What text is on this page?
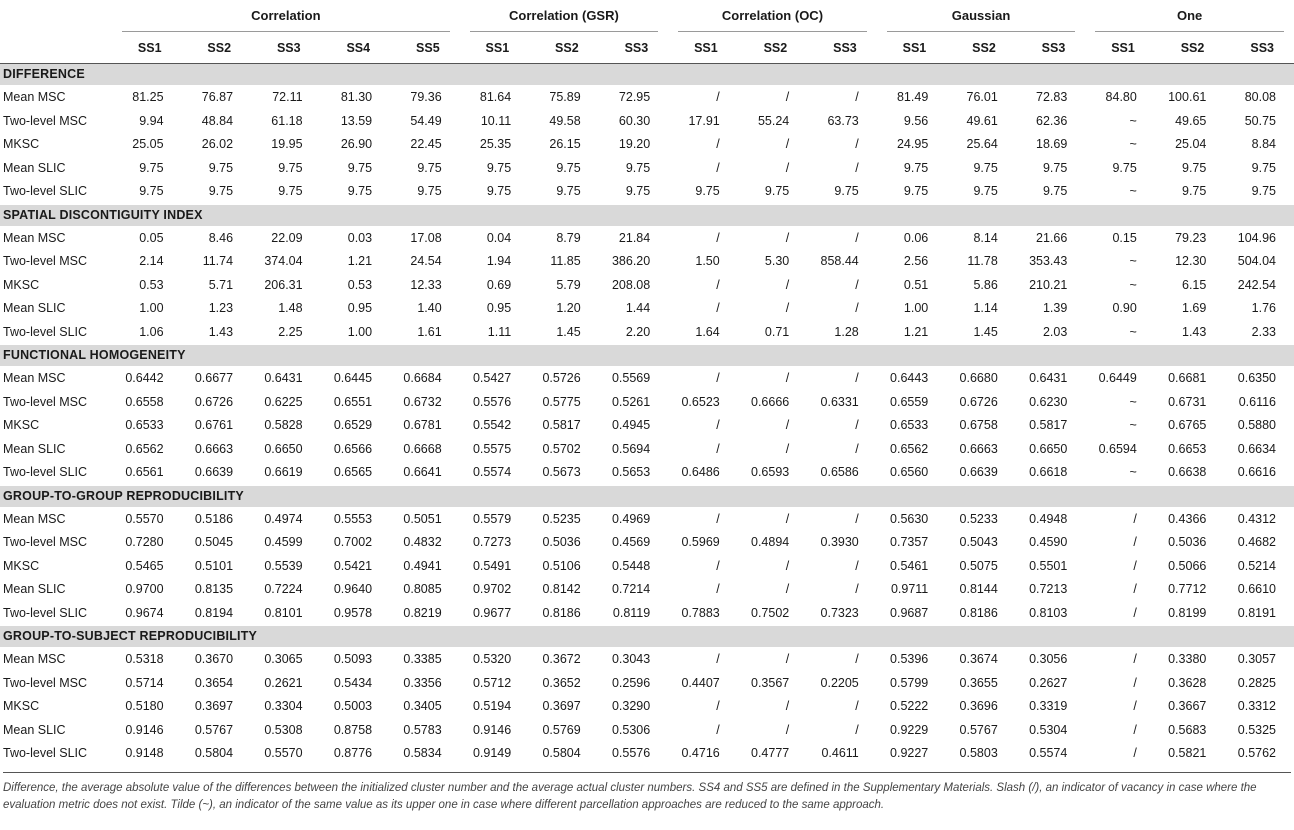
	Correlation					Correlation (GSR)			Correlation (OC)			Gaussian			One		

	SS1	SS2	SS3	SS4	SS5	SS1	SS2	SS3	SS1	SS2	SS3	SS1	SS2	SS3	SS1	SS2	SS3
DIFFERENCE																	
Mean MSC	81.25	76.87	72.11	81.30	79.36	81.64	75.89	72.95	/	/	/	81.49	76.01	72.83	84.80	100.61	80.08
Two-level MSC	9.94	48.84	61.18	13.59	54.49	10.11	49.58	60.30	17.91	55.24	63.73	9.56	49.61	62.36	~	49.65	50.75
MKSC	25.05	26.02	19.95	26.90	22.45	25.35	26.15	19.20	/	/	/	24.95	25.64	18.69	~	25.04	8.84
Mean SLIC	9.75	9.75	9.75	9.75	9.75	9.75	9.75	9.75	/	/	/	9.75	9.75	9.75	9.75	9.75	9.75
Two-level SLIC	9.75	9.75	9.75	9.75	9.75	9.75	9.75	9.75	9.75	9.75	9.75	9.75	9.75	9.75	~	9.75	9.75
SPATIAL DISCONTIGUITY INDEX																	
Mean MSC	0.05	8.46	22.09	0.03	17.08	0.04	8.79	21.84	/	/	/	0.06	8.14	21.66	0.15	79.23	104.96
Two-level MSC	2.14	11.74	374.04	1.21	24.54	1.94	11.85	386.20	1.50	5.30	858.44	2.56	11.78	353.43	~	12.30	504.04
MKSC	0.53	5.71	206.31	0.53	12.33	0.69	5.79	208.08	/	/	/	0.51	5.86	210.21	~	6.15	242.54
Mean SLIC	1.00	1.23	1.48	0.95	1.40	0.95	1.20	1.44	/	/	/	1.00	1.14	1.39	0.90	1.69	1.76
Two-level SLIC	1.06	1.43	2.25	1.00	1.61	1.11	1.45	2.20	1.64	0.71	1.28	1.21	1.45	2.03	~	1.43	2.33
FUNCTIONAL HOMOGENEITY																	
Mean MSC	0.6442	0.6677	0.6431	0.6445	0.6684	0.5427	0.5726	0.5569	/	/	/	0.6443	0.6680	0.6431	0.6449	0.6681	0.6350
Two-level MSC	0.6558	0.6726	0.6225	0.6551	0.6732	0.5576	0.5775	0.5261	0.6523	0.6666	0.6331	0.6559	0.6726	0.6230	~	0.6731	0.6116
MKSC	0.6533	0.6761	0.5828	0.6529	0.6781	0.5542	0.5817	0.4945	/	/	/	0.6533	0.6758	0.5817	~	0.6765	0.5880
Mean SLIC	0.6562	0.6663	0.6650	0.6566	0.6668	0.5575	0.5702	0.5694	/	/	/	0.6562	0.6663	0.6650	0.6594	0.6653	0.6634
Two-level SLIC	0.6561	0.6639	0.6619	0.6565	0.6641	0.5574	0.5673	0.5653	0.6486	0.6593	0.6586	0.6560	0.6639	0.6618	~	0.6638	0.6616
GROUP-TO-GROUP REPRODUCIBILITY																	
Mean MSC	0.5570	0.5186	0.4974	0.5553	0.5051	0.5579	0.5235	0.4969	/	/	/	0.5630	0.5233	0.4948	/	0.4366	0.4312
Two-level MSC	0.7280	0.5045	0.4599	0.7002	0.4832	0.7273	0.5036	0.4569	0.5969	0.4894	0.3930	0.7357	0.5043	0.4590	/	0.5036	0.4682
MKSC	0.5465	0.5101	0.5539	0.5421	0.4941	0.5491	0.5106	0.5448	/	/	/	0.5461	0.5075	0.5501	/	0.5066	0.5214
Mean SLIC	0.9700	0.8135	0.7224	0.9640	0.8085	0.9702	0.8142	0.7214	/	/	/	0.9711	0.8144	0.7213	/	0.7712	0.6610
Two-level SLIC	0.9674	0.8194	0.8101	0.9578	0.8219	0.9677	0.8186	0.8119	0.7883	0.7502	0.7323	0.9687	0.8186	0.8103	/	0.8199	0.8191
GROUP-TO-SUBJECT REPRODUCIBILITY																	
Mean MSC	0.5318	0.3670	0.3065	0.5093	0.3385	0.5320	0.3672	0.3043	/	/	/	0.5396	0.3674	0.3056	/	0.3380	0.3057
Two-level MSC	0.5714	0.3654	0.2621	0.5434	0.3356	0.5712	0.3652	0.2596	0.4407	0.3567	0.2205	0.5799	0.3655	0.2627	/	0.3628	0.2825
MKSC	0.5180	0.3697	0.3304	0.5003	0.3405	0.5194	0.3697	0.3290	/	/	/	0.5222	0.3696	0.3319	/	0.3667	0.3312
Mean SLIC	0.9146	0.5767	0.5308	0.8758	0.5783	0.9146	0.5769	0.5306	/	/	/	0.9229	0.5767	0.5304	/	0.5683	0.5325
Two-level SLIC	0.9148	0.5804	0.5570	0.8776	0.5834	0.9149	0.5804	0.5576	0.4716	0.4777	0.4611	0.9227	0.5803	0.5574	/	0.5821	0.5762
Difference, the average absolute value of the differences between the initialized cluster number and the average actual cluster numbers. SS4 and SS5 are defined in the Supplementary Materials. Slash (/), an indicator of vacancy in case where the evaluation metric does not exist. Tilde (~), an indicator of the same value as its upper one in case where different parcellation approaches are reduced to the same approach.
